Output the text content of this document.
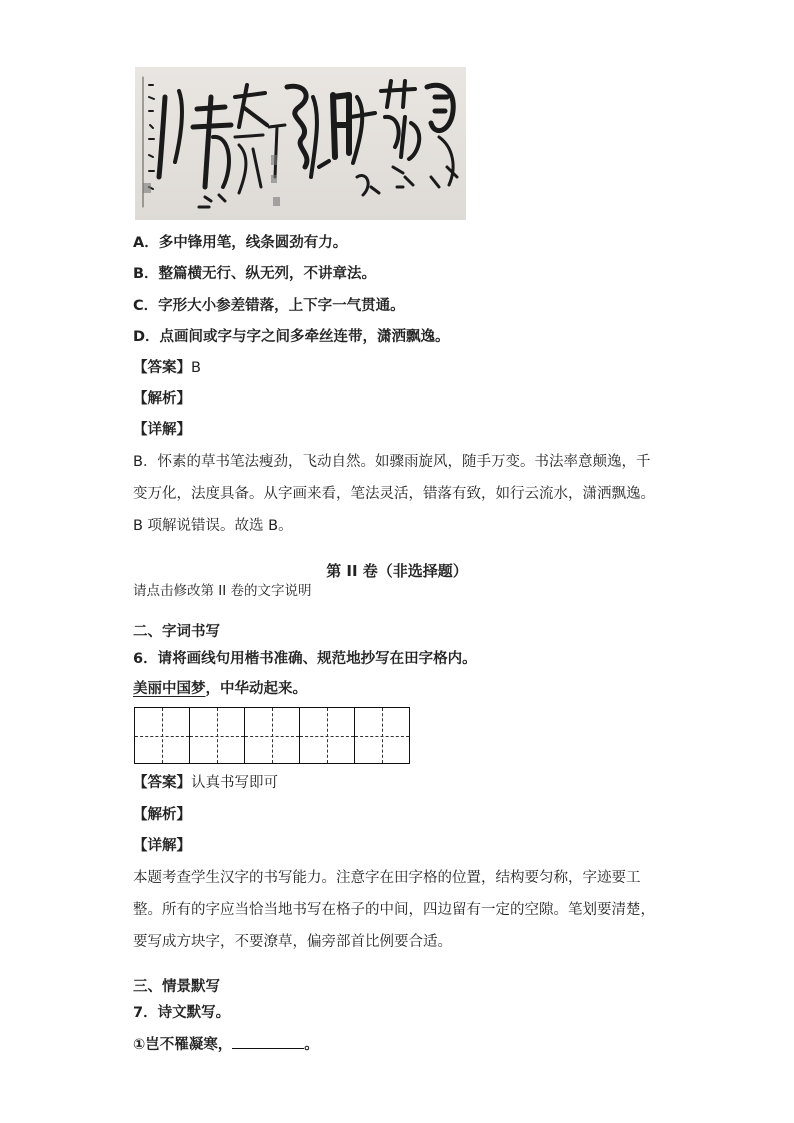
A．多中锋用笔，线条圆劲有力。
B．整篇横无行、纵无列，不讲章法。
C．字形大小参差错落，上下字一气贯通。
D．点画间或字与字之间多牵丝连带，潇洒飘逸。
【答案】B
【解析】
【详解】
B．怀素的草书笔法瘦劲，飞动自然。如骤雨旋风，随手万变。书法率意颠逸，千变万化，法度具备。从字画来看，笔法灵活，错落有致，如行云流水，潇洒飘逸。B 项解说错误。故选 B。
第 II 卷（非选择题）
请点击修改第 II 卷的文字说明
二、字词书写
6．请将画线句用楷书准确、规范地抄写在田字格内。
美丽中国梦，中华动起来。
【答案】认真书写即可
【解析】
【详解】
本题考查学生汉字的书写能力。注意字在田字格的位置，结构要匀称，字迹要工整。所有的字应当恰当地书写在格子的中间，四边留有一定的空隙。笔划要清楚，要写成方块字，不要潦草，偏旁部首比例要合适。
三、情景默写
7．诗文默写。
①岂不罹凝寒，	。
